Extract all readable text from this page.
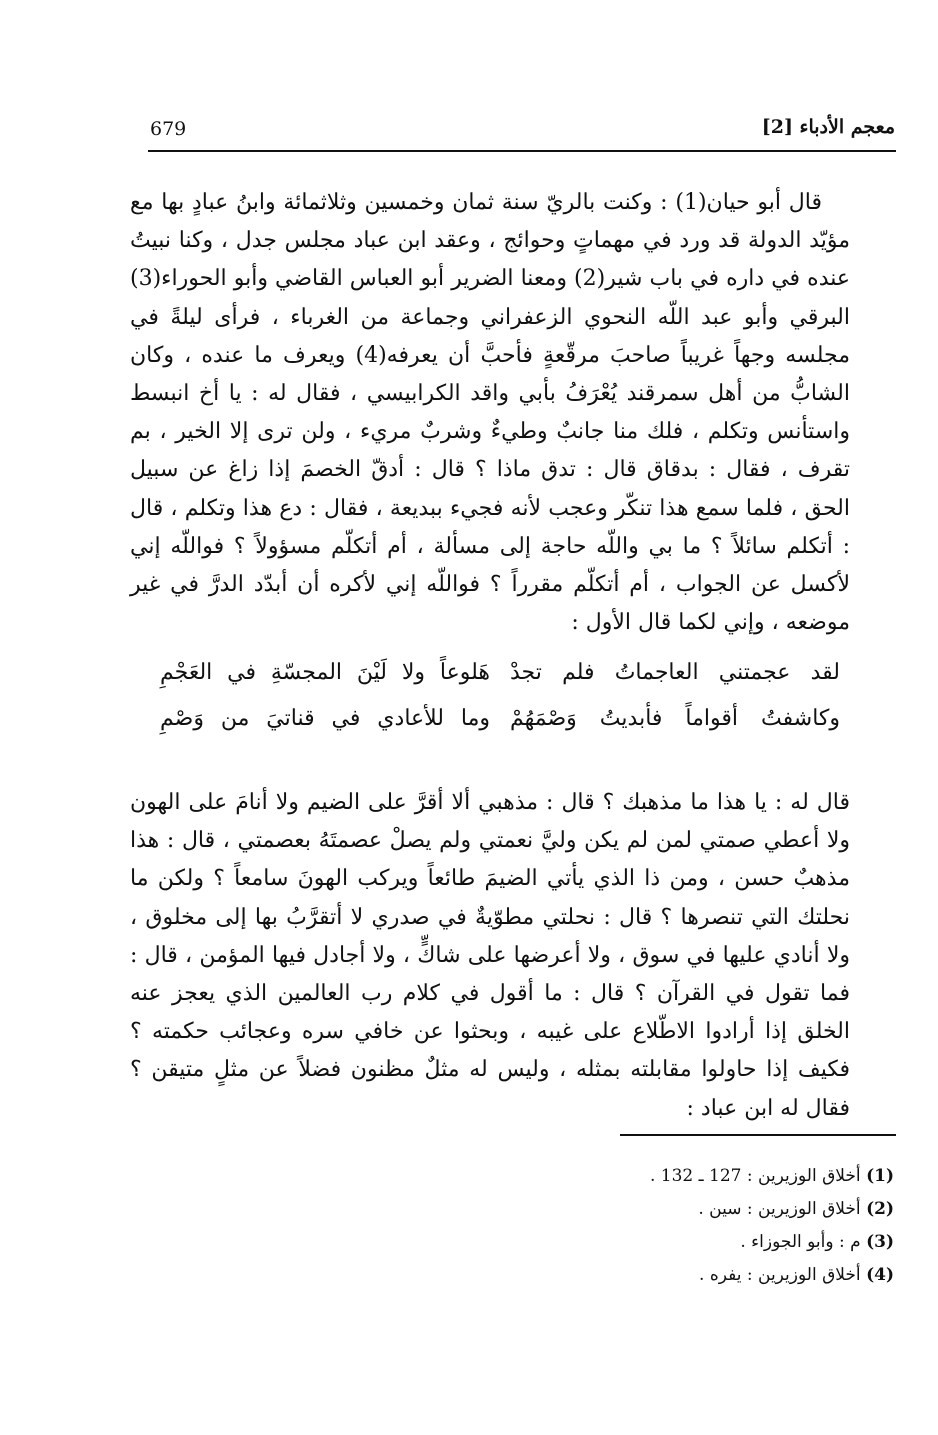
معجم الأدباء [2]
679

قال أبو حيان(1) : وكنت بالريّ سنة ثمان وخمسين وثلاثمائة وابنُ عبادٍ بها مع مؤيّد الدولة قد ورد في مهماتٍ وحوائج ، وعقد ابن عباد مجلس جدل ، وكنا نبيتُ عنده في داره في باب شير(2) ومعنا الضرير أبو العباس القاضي وأبو الحوراء(3) البرقي وأبو عبد اللّه النحوي الزعفراني وجماعة من الغرباء ، فرأى ليلةً في مجلسه وجهاً غريباً صاحبَ مرقّعةٍ فأحبَّ أن يعرفه(4) ويعرف ما عنده ، وكان الشابُّ من أهل سمرقند يُعْرَفُ بأبي واقد الكرابيسي ، فقال له : يا أخ انبسط واستأنس وتكلم ، فلك منا جانبٌ وطيءٌ وشربٌ مريء ، ولن ترى إلا الخير ، بم تقرف ، فقال : بدقاق قال : تدق ماذا ؟ قال : أدقّ الخصمَ إذا زاغ عن سبيل الحق ، فلما سمع هذا تنكّر وعجب لأنه فجيء ببديعة ، فقال : دع هذا وتكلم ، قال : أتكلم سائلاً ؟ ما بي واللّه حاجة إلى مسألة ، أم أتكلّم مسؤولاً ؟ فواللّه إني لأكسل عن الجواب ، أم أتكلّم مقرراً ؟ فواللّه إني لأكره أن أبدّد الدرَّ في غير موضعه ، وإني لكما قال الأول :

لقد عجمتني العاجماتُ فلم تجدْ
هَلوعاً ولا لَيْنَ المجسّةِ في العَجْمِ
وكاشفتُ أقواماً فأبديتُ وَصْمَهُمْ
وما للأعادي في قناتيَ من وَصْمِ

قال له : يا هذا ما مذهبك ؟ قال : مذهبي ألا أقرَّ على الضيم ولا أنامَ على الهون ولا أعطي صمتي لمن لم يكن وليَّ نعمتي ولم يصلْ عصمتَهُ بعصمتي ، قال : هذا مذهبٌ حسن ، ومن ذا الذي يأتي الضيمَ طائعاً ويركب الهونَ سامعاً ؟ ولكن ما نحلتك التي تنصرها ؟ قال : نحلتي مطوّيةٌ في صدري لا أتقرَّبُ بها إلى مخلوق ، ولا أنادي عليها في سوق ، ولا أعرضها على شاكٍّ ، ولا أجادل فيها المؤمن ، قال : فما تقول في القرآن ؟ قال : ما أقول في كلام رب العالمين الذي يعجز عنه الخلق إذا أرادوا الاطّلاع على غيبه ، وبحثوا عن خافي سره وعجائب حكمته ؟ فكيف إذا حاولوا مقابلته بمثله ، وليس له مثلٌ مظنون فضلاً عن مثلٍ متيقن ؟ فقال له ابن عباد :

(1) أخلاق الوزيرين : 127 ـ 132 .
(2) أخلاق الوزيرين : سين .
(3) م : وأبو الجوزاء .
(4) أخلاق الوزيرين : يفره .
